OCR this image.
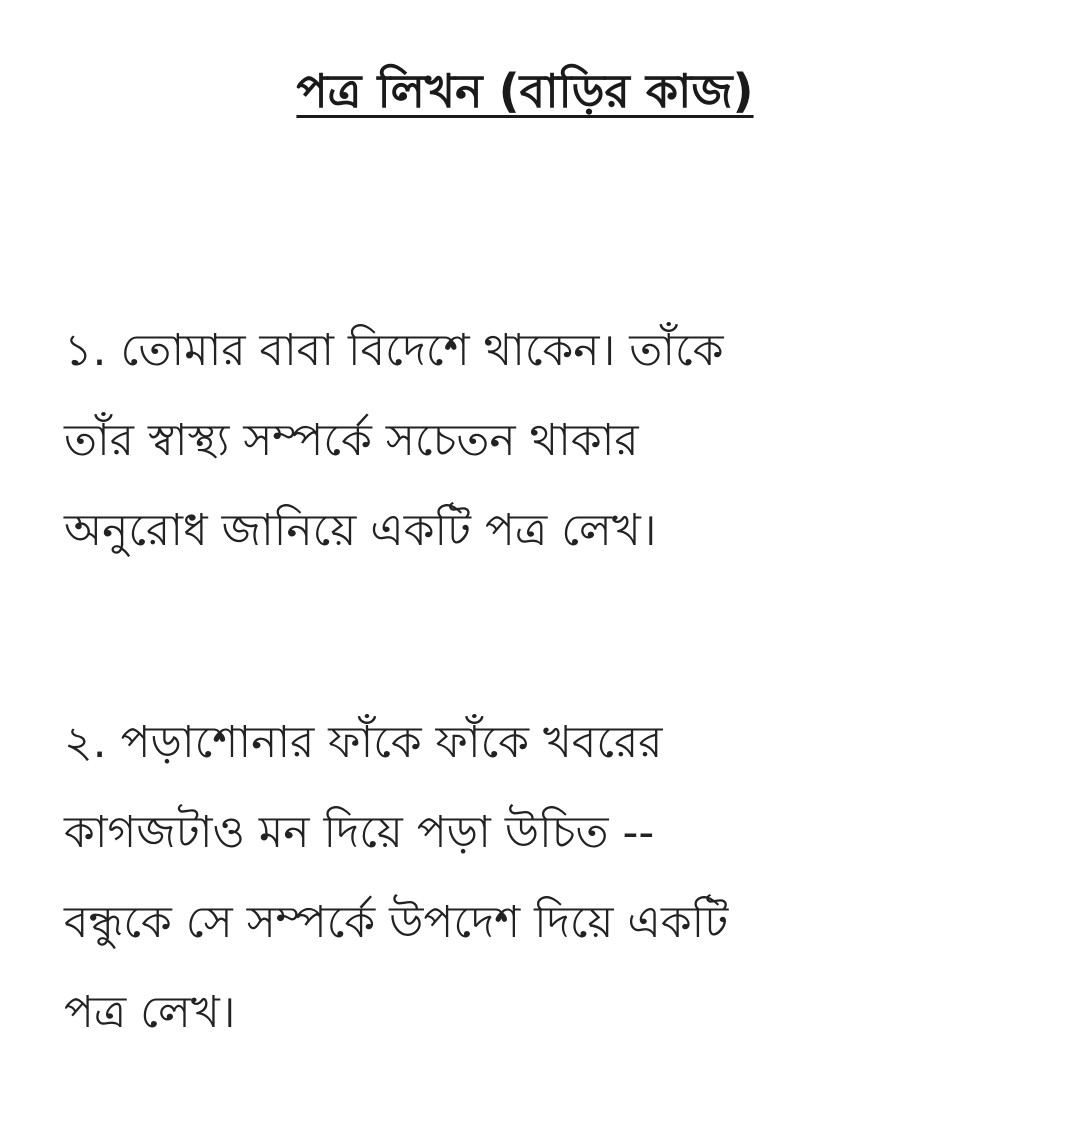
পত্র লিখন (বাড়ির কাজ)
১. তোমার বাবা বিদেশে থাকেন। তাঁকে
তাঁর স্বাস্থ্য সম্পর্কে সচেতন থাকার
অনুরোধ জানিয়ে একটি পত্র লেখ।
২. পড়াশোনার ফাঁকে ফাঁকে খবরের
কাগজটাও মন দিয়ে পড়া উচিত --
বন্ধুকে সে সম্পর্কে উপদেশ দিয়ে একটি
পত্র লেখ।
